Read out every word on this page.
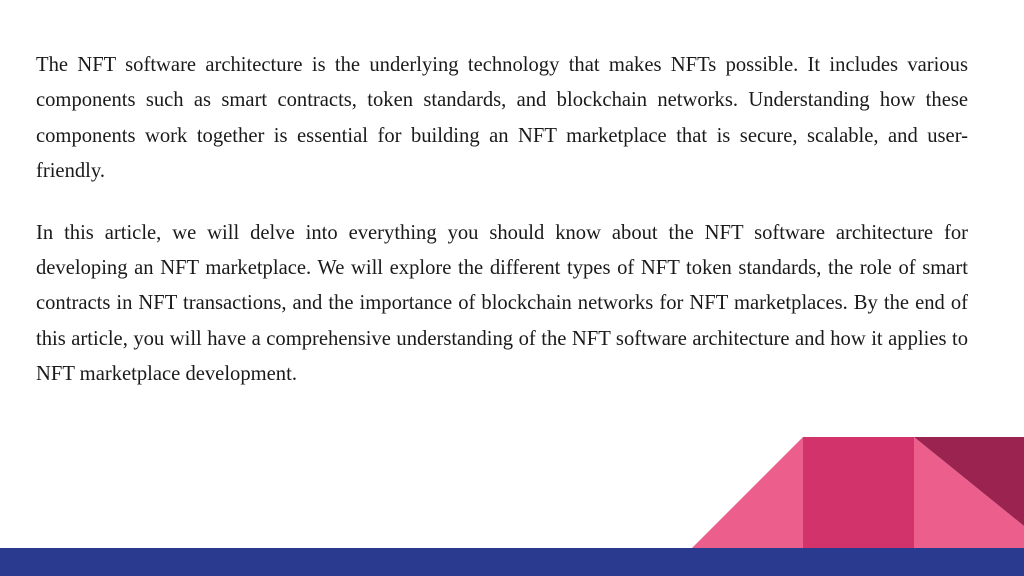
The NFT software architecture is the underlying technology that makes NFTs possible. It includes various components such as smart contracts, token standards, and blockchain networks. Understanding how these components work together is essential for building an NFT marketplace that is secure, scalable, and user-friendly.

In this article, we will delve into everything you should know about the NFT software architecture for developing an NFT marketplace. We will explore the different types of NFT token standards, the role of smart contracts in NFT transactions, and the importance of blockchain networks for NFT marketplaces. By the end of this article, you will have a comprehensive understanding of the NFT software architecture and how it applies to NFT marketplace development.
